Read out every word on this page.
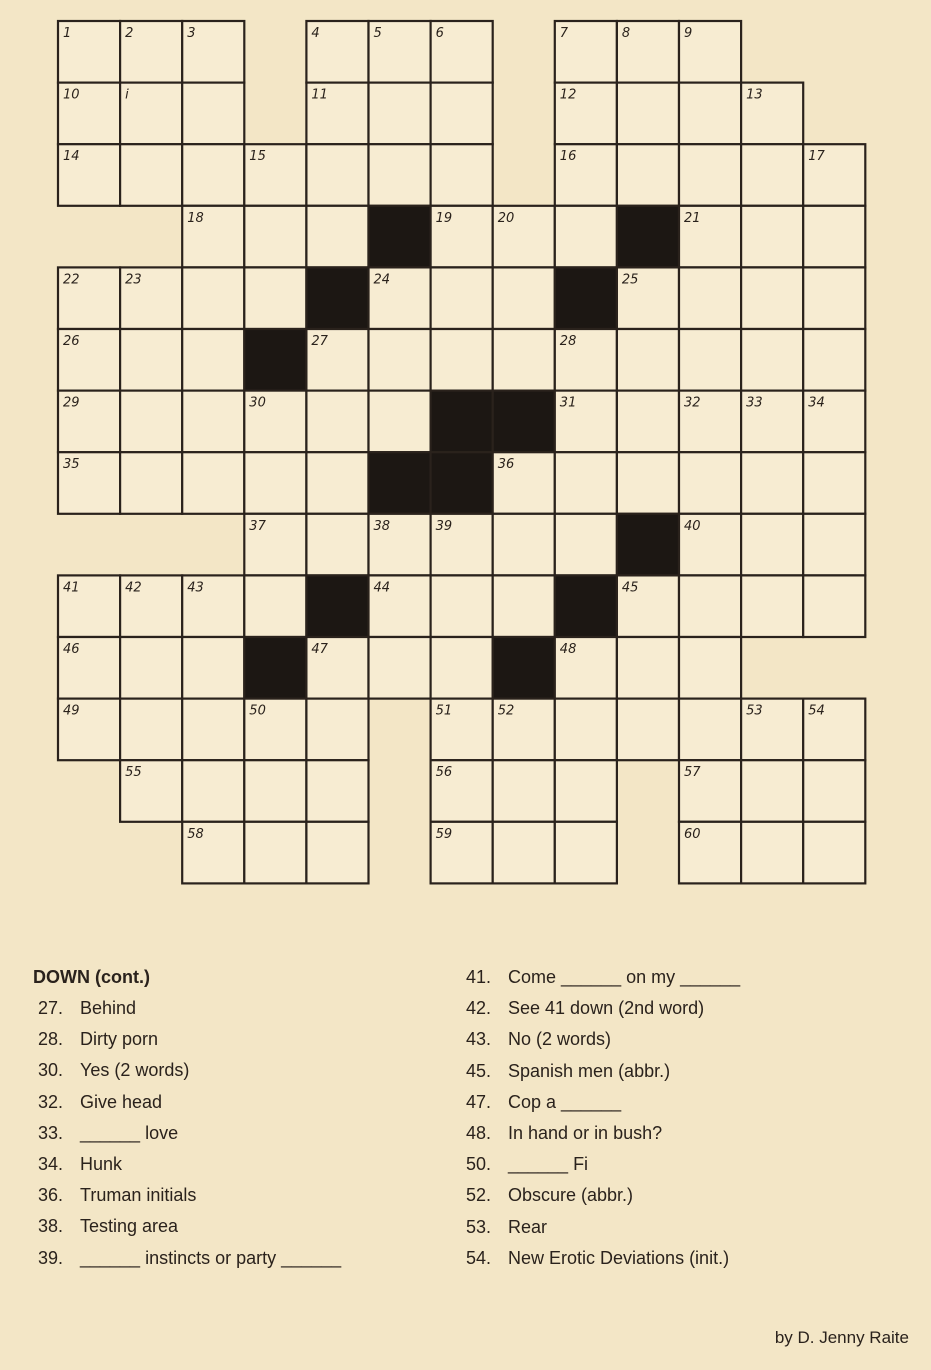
1	2	3	4	5	6	7	8	9
10	i	11	12	13
14	15	16	17
18	19	20	21
22	23	24	25
26	27	28
29	30	31	32	33	34
35	36
37	38	39	40
41	42	43	44	45
46	47	48
49	50	51	52	53	54
55	56	57
58	59	60
DOWN (cont.)
27. Behind
28. Dirty porn
30. Yes (2 words)
32. Give head
33. ______ love
34. Hunk
36. Truman initials
38. Testing area
39. ______ instincts or party ______
41. Come ______ on my ______
42. See 41 down (2nd word)
43. No (2 words)
45. Spanish men (abbr.)
47. Cop a ______
48. In hand or in bush?
50. ______ Fi
52. Obscure (abbr.)
53. Rear
54. New Erotic Deviations (init.)
by D. Jenny Raite
